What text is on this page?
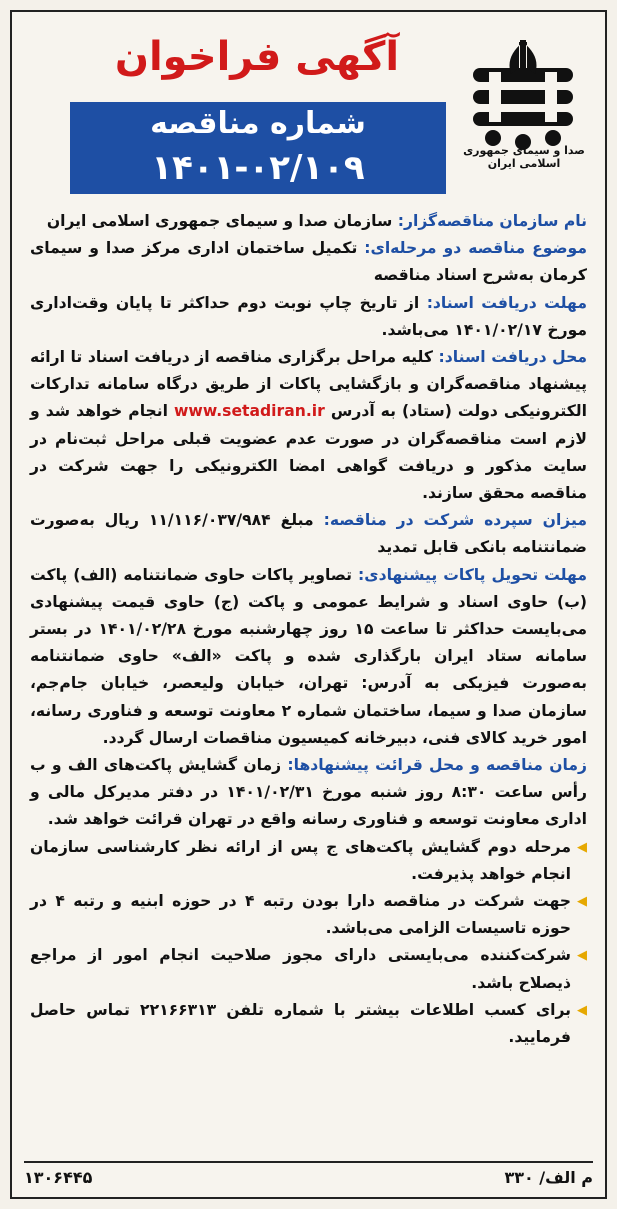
صدا و سیمای جمهوری اسلامی ایران
آگهی فراخوان
شماره مناقصه
۱۴۰۱-۰۲/۱۰۹

نام سازمان مناقصه‌گزار: سازمان صدا و سیمای جمهوری اسلامی ایران

موضوع مناقصه دو مرحله‌ای: تکمیل ساختمان اداری مرکز صدا و سیمای کرمان به‌شرح اسناد مناقصه

مهلت دریافت اسناد: از تاریخ چاپ نوبت دوم حداکثر تا پایان وقت‌اداری مورخ ۱۴۰۱/۰۲/۱۷ می‌باشد.

محل دریافت اسناد: کلیه مراحل برگزاری مناقصه از دریافت اسناد تا ارائه پیشنهاد مناقصه‌گران و بازگشایی پاکات از طریق درگاه سامانه تدارکات الکترونیکی دولت (ستاد) به آدرس www.setadiran.ir انجام خواهد شد و لازم است مناقصه‌گران در صورت عدم عضویت قبلی مراحل ثبت‌نام در سایت مذکور و دریافت گواهی امضا الکترونیکی را جهت شرکت در مناقصه محقق سازند.

میزان سپرده شرکت در مناقصه: مبلغ ۱۱/۱۱۶/۰۳۷/۹۸۴ ریال به‌صورت ضمانتنامه بانکی قابل تمدید

مهلت تحویل پاکات پیشنهادی: تصاویر پاکات حاوی ضمانتنامه (الف) پاکت (ب) حاوی اسناد و شرایط عمومی و پاکت (ج) حاوی قیمت پیشنهادی می‌بایست حداکثر تا ساعت ۱۵ روز چهارشنبه مورخ ۱۴۰۱/۰۲/۲۸ در بستر سامانه ستاد ایران بارگذاری شده و پاکت «الف» حاوی ضمانتنامه به‌صورت فیزیکی به آدرس: تهران، خیابان ولیعصر، خیابان جام‌جم، سازمان صدا و سیما، ساختمان شماره ۲ معاونت توسعه و فناوری رسانه، امور خرید کالای فنی، دبیرخانه کمیسیون مناقصات ارسال گردد.

زمان مناقصه و محل قرائت پیشنهادها: زمان گشایش پاکت‌های الف و ب رأس ساعت ۸:۳۰ روز شنبه مورخ ۱۴۰۱/۰۲/۳۱ در دفتر مدیرکل مالی و اداری معاونت توسعه و فناوری رسانه واقع در تهران قرائت خواهد شد.

◀
مرحله دوم گشایش پاکت‌های ج پس از ارائه نظر کارشناسی سازمان انجام خواهد پذیرفت.
◀
جهت شرکت در مناقصه دارا بودن رتبه ۴ در حوزه ابنیه و رتبه ۴ در حوزه تاسیسات الزامی می‌باشد.
◀
شرکت‌کننده می‌بایستی دارای مجوز صلاحیت انجام امور از مراجع ذیصلاح باشد.
◀
برای کسب اطلاعات بیشتر با شماره تلفن ۲۲۱۶۶۳۱۳ تماس حاصل فرمایید.
۱۳۰۶۴۴۵	م الف/ ۳۳۰
